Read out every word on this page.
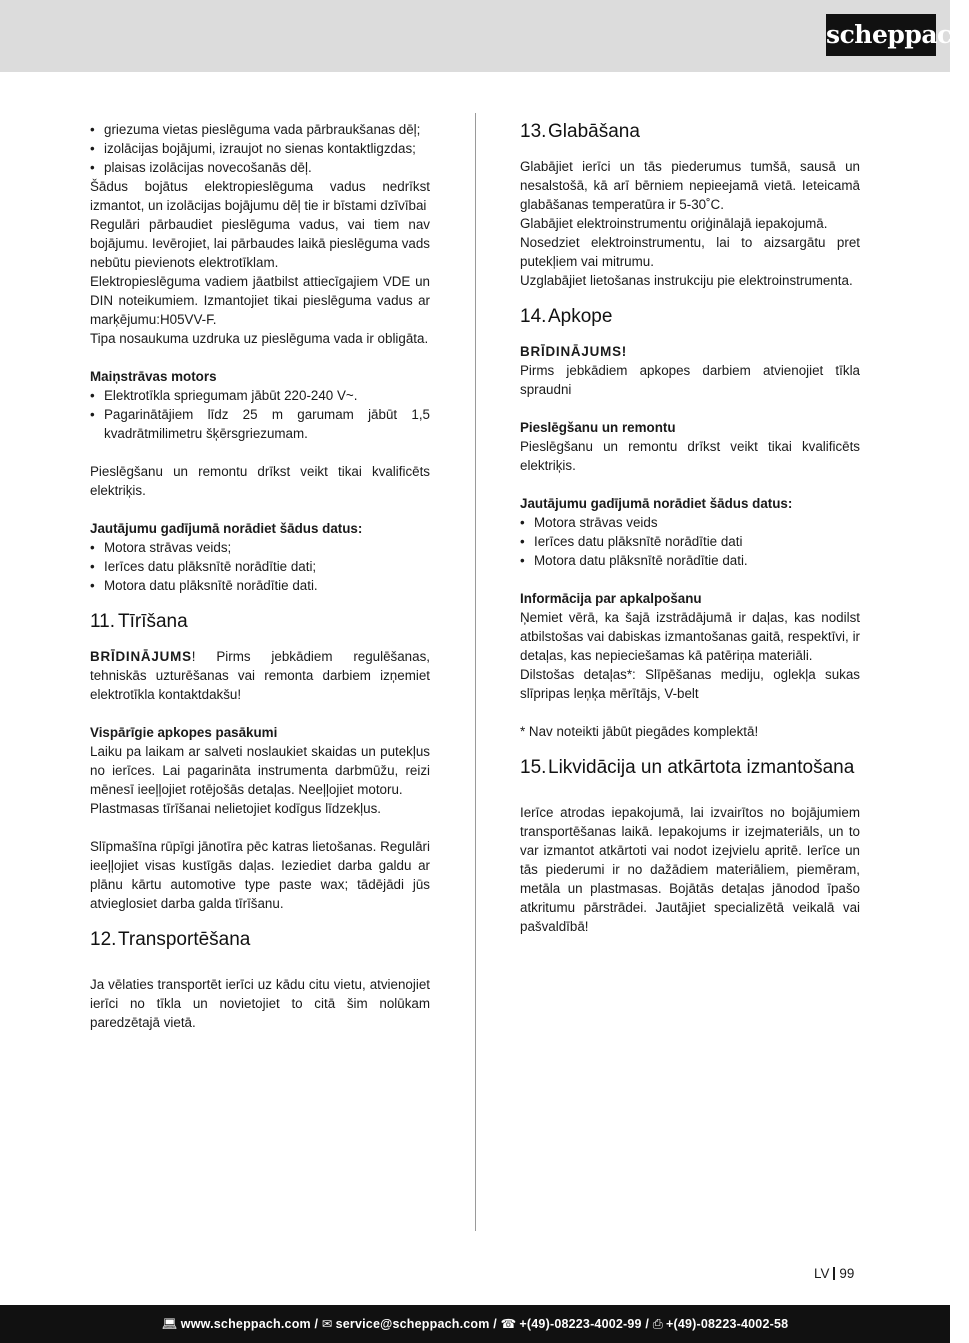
scheppach
• griezuma vietas pieslēguma vada pārbraukšanas dēļ;
• izolācijas bojājumi, izraujot no sienas kontaktligzdas;
• plaisas izolācijas novecošanās dēļ.

Šādus bojātus elektropieslēguma vadus nedrīkst izmantot, un izolācijas bojājumu dēļ tie ir bīstami dzīvībai

Regulāri pārbaudiet pieslēguma vadus, vai tiem nav bojājumu. Ievērojiet, lai pārbaudes laikā pieslēguma vads nebūtu pievienots elektrotīklam.

Elektropieslēguma vadiem jāatbilst attiecīgajiem VDE un DIN noteikumiem. Izmantojiet tikai pieslēguma vadus ar marķējumu:H05VV-F.

Tipa nosaukuma uzdruka uz pieslēguma vada ir obligāta.

Maiņstrāvas motors

• Elektrotīkla spriegumam jābūt 220-240 V~.
• Pagarinātājiem līdz 25 m garumam jābūt 1,5 kvadrātmilimetru šķērsgriezumam.

Pieslēgšanu un remontu drīkst veikt tikai kvalificēts elektriķis.

Jautājumu gadījumā norādiet šādus datus:

• Motora strāvas veids;
• Ierīces datu plāksnītē norādītie dati;
• Motora datu plāksnītē norādītie dati.
11. Tīrīšana

BRĪDINĀJUMS! Pirms jebkādiem regulēšanas, tehniskās uzturēšanas vai remonta darbiem izņemiet elektrotīkla kontaktdakšu!

Vispārīgie apkopes pasākumi

Laiku pa laikam ar salveti noslaukiet skaidas un putekļus no ierīces. Lai pagarināta instrumenta darbmūžu, reizi mēnesī ieeļļojiet rotējošās detaļas. Neeļļojiet motoru.

Plastmasas tīrīšanai nelietojiet kodīgus līdzekļus.

Slīpmašīna rūpīgi jānotīra pēc katras lietošanas. Regulāri ieeļļojiet visas kustīgās daļas. Ieziediet darba galdu ar plānu kārtu automotive type paste wax; tādējādi jūs atvieglosiet darba galda tīrīšanu.

12. Transportēšana

Ja vēlaties transportēt ierīci uz kādu citu vietu, atvienojiet ierīci no tīkla un novietojiet to citā šim nolūkam paredzētajā vietā.

13. Glabāšana

Glabājiet ierīci un tās piederumus tumšā, sausā un nesalstošā, kā arī bērniem nepieejamā vietā. Ieteicamā glabāšanas temperatūra ir 5-30˚C.

Glabājiet elektroinstrumentu oriģinālajā iepakojumā.

Nosedziet elektroinstrumentu, lai to aizsargātu pret putekļiem vai mitrumu.

Uzglabājiet lietošanas instrukciju pie elektroinstrumenta.

14. Apkope

BRĪDINĀJUMS!

Pirms jebkādiem apkopes darbiem atvienojiet tīkla spraudni

Pieslēgšanu un remontu

Pieslēgšanu un remontu drīkst veikt tikai kvalificēts elektriķis.

Jautājumu gadījumā norādiet šādus datus:

• Motora strāvas veids
• Ierīces datu plāksnītē norādītie dati
• Motora datu plāksnītē norādītie dati.

Informācija par apkalpošanu

Ņemiet vērā, ka šajā izstrādājumā ir daļas, kas nodilst atbilstošas vai dabiskas izmantošanas gaitā, respektīvi, ir detaļas, kas nepieciešamas kā patēriņa materiāli.

Dilstošas detaļas*: Slīpēšanas mediju, oglekļa sukas slīpripas leņķa mērītājs, V-belt

* Nav noteikti jābūt piegādes komplektā!

15. Likvidācija un atkārtota izmantošana

Ierīce atrodas iepakojumā, lai izvairītos no bojājumiem transportēšanas laikā. Iepakojums ir izejmateriāls, un to var izmantot atkārtoti vai nodot izejvielu apritē. Ierīce un tās piederumi ir no dažādiem materiāliem, piemēram, metāla un plastmasas. Bojātās detaļas jānodod īpašo atkritumu pārstrādei. Jautājiet specializētā veikalā vai pašvaldībā!

LV 99
💻︎ www.scheppach.com / ✉︎ service@scheppach.com / ☎︎ +(49)-08223-4002-99 / ⎙ +(49)-08223-4002-58
